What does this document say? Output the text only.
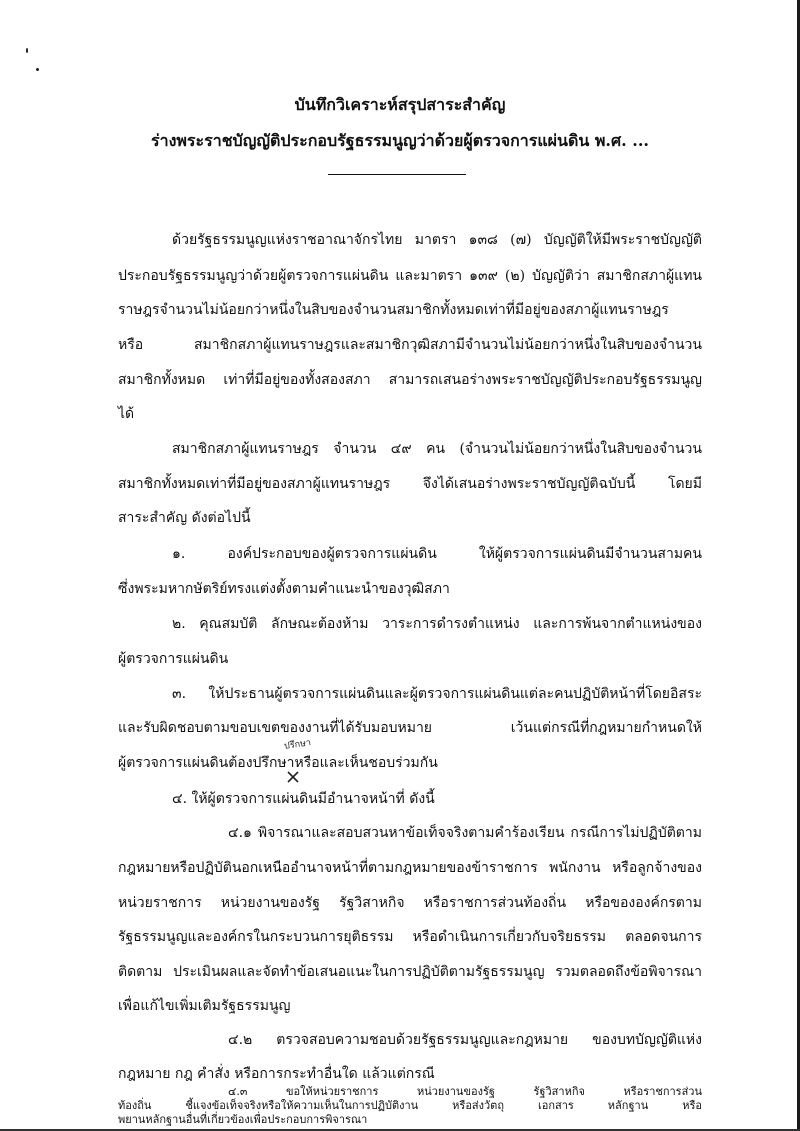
บันทึกวิเคราะห์สรุปสาระสำคัญ
ร่างพระราชบัญญัติประกอบรัฐธรรมนูญว่าด้วยผู้ตรวจการแผ่นดิน พ.ศ. ...
ด้วยรัฐธรรมนูญแห่งราชอาณาจักรไทย มาตรา ๑๓๘ (๗) บัญญัติให้มีพระราชบัญญัติ
ประกอบรัฐธรรมนูญว่าด้วยผู้ตรวจการแผ่นดิน และมาตรา ๑๓๙ (๒) บัญญัติว่า สมาชิกสภาผู้แทน
ราษฎรจำนวนไม่น้อยกว่าหนึ่งในสิบของจำนวนสมาชิกทั้งหมดเท่าที่มีอยู่ของสภาผู้แทนราษฎร
หรือ สมาชิกสภาผู้แทนราษฎรและสมาชิกวุฒิสภามีจำนวนไม่น้อยกว่าหนึ่งในสิบของจำนวน
สมาชิกทั้งหมด เท่าที่มีอยู่ของทั้งสองสภา สามารถเสนอร่างพระราชบัญญัติประกอบรัฐธรรมนูญ
ได้
สมาชิกสภาผู้แทนราษฎร จำนวน ๔๙ คน (จำนวนไม่น้อยกว่าหนึ่งในสิบของจำนวน
สมาชิกทั้งหมดเท่าที่มีอยู่ของสภาผู้แทนราษฎร จึงได้เสนอร่างพระราชบัญญัติฉบับนี้ โดยมี
สาระสำคัญ ดังต่อไปนี้
๑. องค์ประกอบของผู้ตรวจการแผ่นดิน ให้ผู้ตรวจการแผ่นดินมีจำนวนสามคน
ซึ่งพระมหากษัตริย์ทรงแต่งตั้งตามคำแนะนำของวุฒิสภา
๒. คุณสมบัติ ลักษณะต้องห้าม วาระการดำรงตำแหน่ง และการพ้นจากตำแหน่งของ
ผู้ตรวจการแผ่นดิน
๓. ให้ประธานผู้ตรวจการแผ่นดินและผู้ตรวจการแผ่นดินแต่ละคนปฏิบัติหน้าที่โดยอิสระ
และรับผิดชอบตามขอบเขตของงานที่ได้รับมอบหมาย เว้นแต่กรณีที่กฎหมายกำหนดให้
ผู้ตรวจการแผ่นดินต้องปรึกษาหรือและเห็นชอบร่วมกัน
ปรึกษา
๔. ให้ผู้ตรวจการแผ่นดินมีอำนาจหน้าที่ ดังนี้
๔.๑ พิจารณาและสอบสวนหาข้อเท็จจริงตามคำร้องเรียน กรณีการไม่ปฏิบัติตาม
กฎหมายหรือปฏิบัตินอกเหนืออำนาจหน้าที่ตามกฎหมายของข้าราชการ พนักงาน หรือลูกจ้างของ
หน่วยราชการ หน่วยงานของรัฐ รัฐวิสาหกิจ หรือราชการส่วนท้องถิ่น หรือขององค์กรตาม
รัฐธรรมนูญและองค์กรในกระบวนการยุติธรรม หรือดำเนินการเกี่ยวกับจริยธรรม ตลอดจนการ
ติดตาม ประเมินผลและจัดทำข้อเสนอแนะในการปฏิบัติตามรัฐธรรมนูญ รวมตลอดถึงข้อพิจารณา
เพื่อแก้ไขเพิ่มเติมรัฐธรรมนูญ
๔.๒ ตรวจสอบความชอบด้วยรัฐธรรมนูญและกฎหมาย ของบทบัญญัติแห่ง
กฎหมาย กฎ คำสั่ง หรือการกระทำอื่นใด แล้วแต่กรณี
๔.๓ ขอให้หน่วยราชการ หน่วยงานของรัฐ รัฐวิสาหกิจ หรือราชการส่วน
ท้องถิ่น ชี้แจงข้อเท็จจริงหรือให้ความเห็นในการปฏิบัติงาน หรือส่งวัตถุ เอกสาร หลักฐาน หรือ
พยานหลักฐานอื่นที่เกี่ยวข้องเพื่อประกอบการพิจารณา
